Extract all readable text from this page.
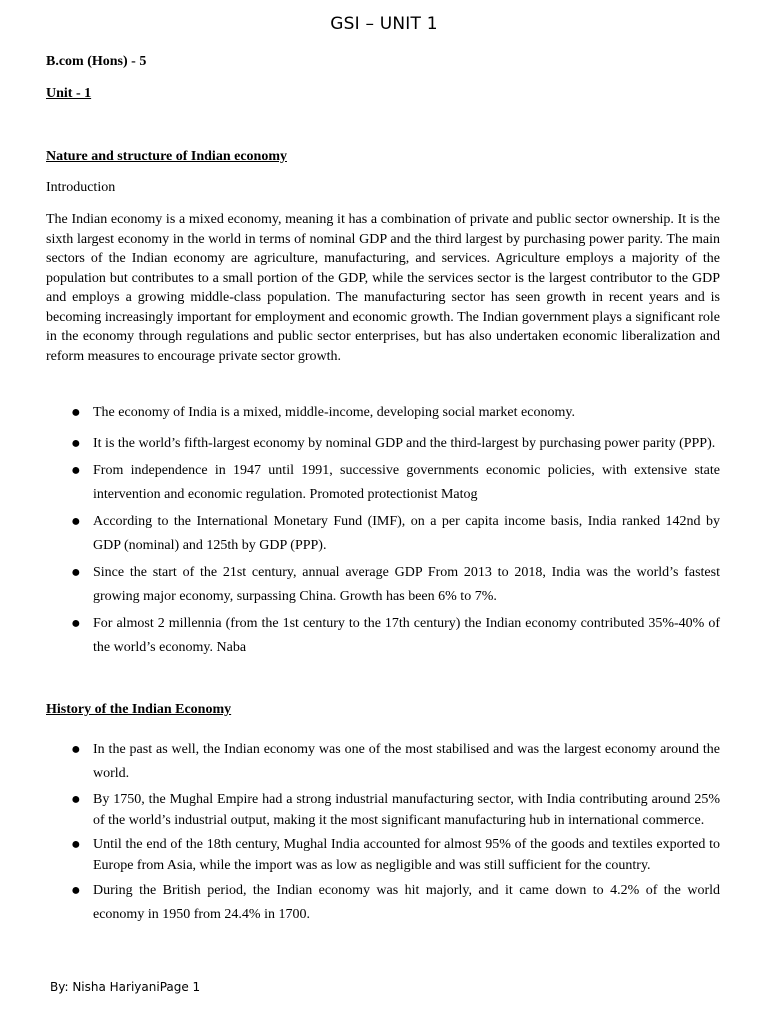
GSI – UNIT 1
B.com (Hons) - 5
Unit - 1
Nature and structure of Indian economy
Introduction

The Indian economy is a mixed economy, meaning it has a combination of private and public sector ownership. It is the sixth largest economy in the world in terms of nominal GDP and the third largest by purchasing power parity. The main sectors of the Indian economy are agriculture, manufacturing, and services. Agriculture employs a majority of the population but contributes to a small portion of the GDP, while the services sector is the largest contributor to the GDP and employs a growing middle-class population. The manufacturing sector has seen growth in recent years and is becoming increasingly important for employment and economic growth. The Indian government plays a significant role in the economy through regulations and public sector enterprises, but has also undertaken economic liberalization and reform measures to encourage private sector growth.

● The economy of India is a mixed, middle-income, developing social market economy.
● It is the world’s fifth-largest economy by nominal GDP and the third-largest by purchasing power parity (PPP).
● From independence in 1947 until 1991, successive governments economic policies, with extensive state intervention and economic regulation. Promoted protectionist Matog
● According to the International Monetary Fund (IMF), on a per capita income basis, India ranked 142nd by GDP (nominal) and 125th by GDP (PPP).
● Since the start of the 21st century, annual average GDP From 2013 to 2018, India was the world’s fastest growing major economy, surpassing China. Growth has been 6% to 7%.
● For almost 2 millennia (from the 1st century to the 17th century) the Indian economy contributed 35%-40% of the world’s economy. Naba
History of the Indian Economy
● In the past as well, the Indian economy was one of the most stabilised and was the largest economy around the world.
● By 1750, the Mughal Empire had a strong industrial manufacturing sector, with India contributing around 25% of the world’s industrial output, making it the most significant manufacturing hub in international commerce.
● Until the end of the 18th century, Mughal India accounted for almost 95% of the goods and textiles exported to Europe from Asia, while the import was as low as negligible and was still sufficient for the country.
● During the British period, the Indian economy was hit majorly, and it came down to 4.2% of the world economy in 1950 from 24.4% in 1700.
By: Nisha HariyaniPage 1
